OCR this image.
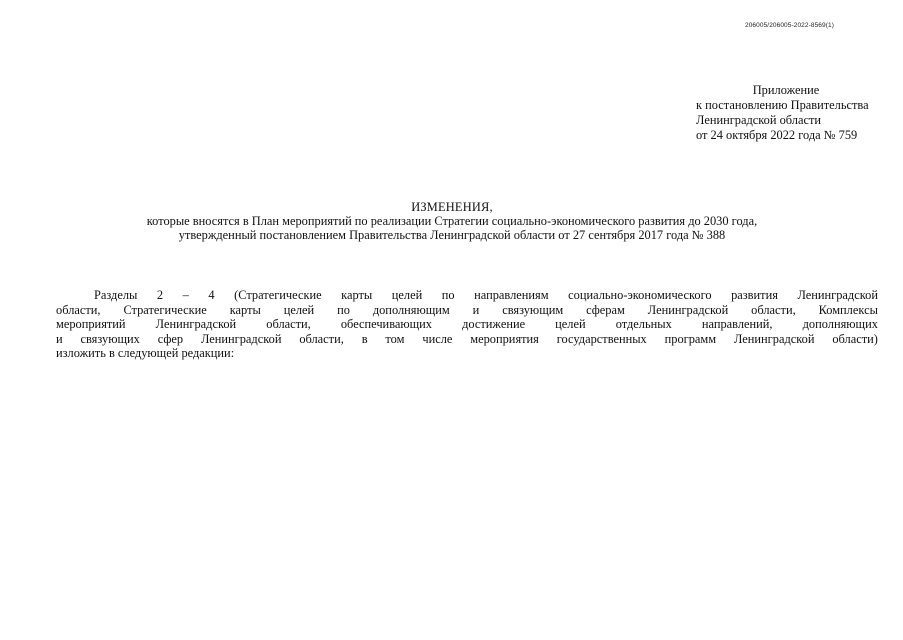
206005/206005-2022-8569(1)
Приложение
к постановлению Правительства
Ленинградской области
от 24 октября 2022 года № 759
ИЗМЕНЕНИЯ,
которые вносятся в План мероприятий по реализации Стратегии социально-экономического развития до 2030 года,
утвержденный постановлением Правительства Ленинградской области от 27 сентября 2017 года № 388
Разделы 2 – 4 (Стратегические карты целей по направлениям социально-экономического развития Ленинградской
области, Стратегические карты целей по дополняющим и связующим сферам Ленинградской области, Комплексы
мероприятий Ленинградской области, обеспечивающих достижение целей отдельных направлений, дополняющих
и связующих сфер Ленинградской области, в том числе мероприятия государственных программ Ленинградской области)
изложить в следующей редакции:
